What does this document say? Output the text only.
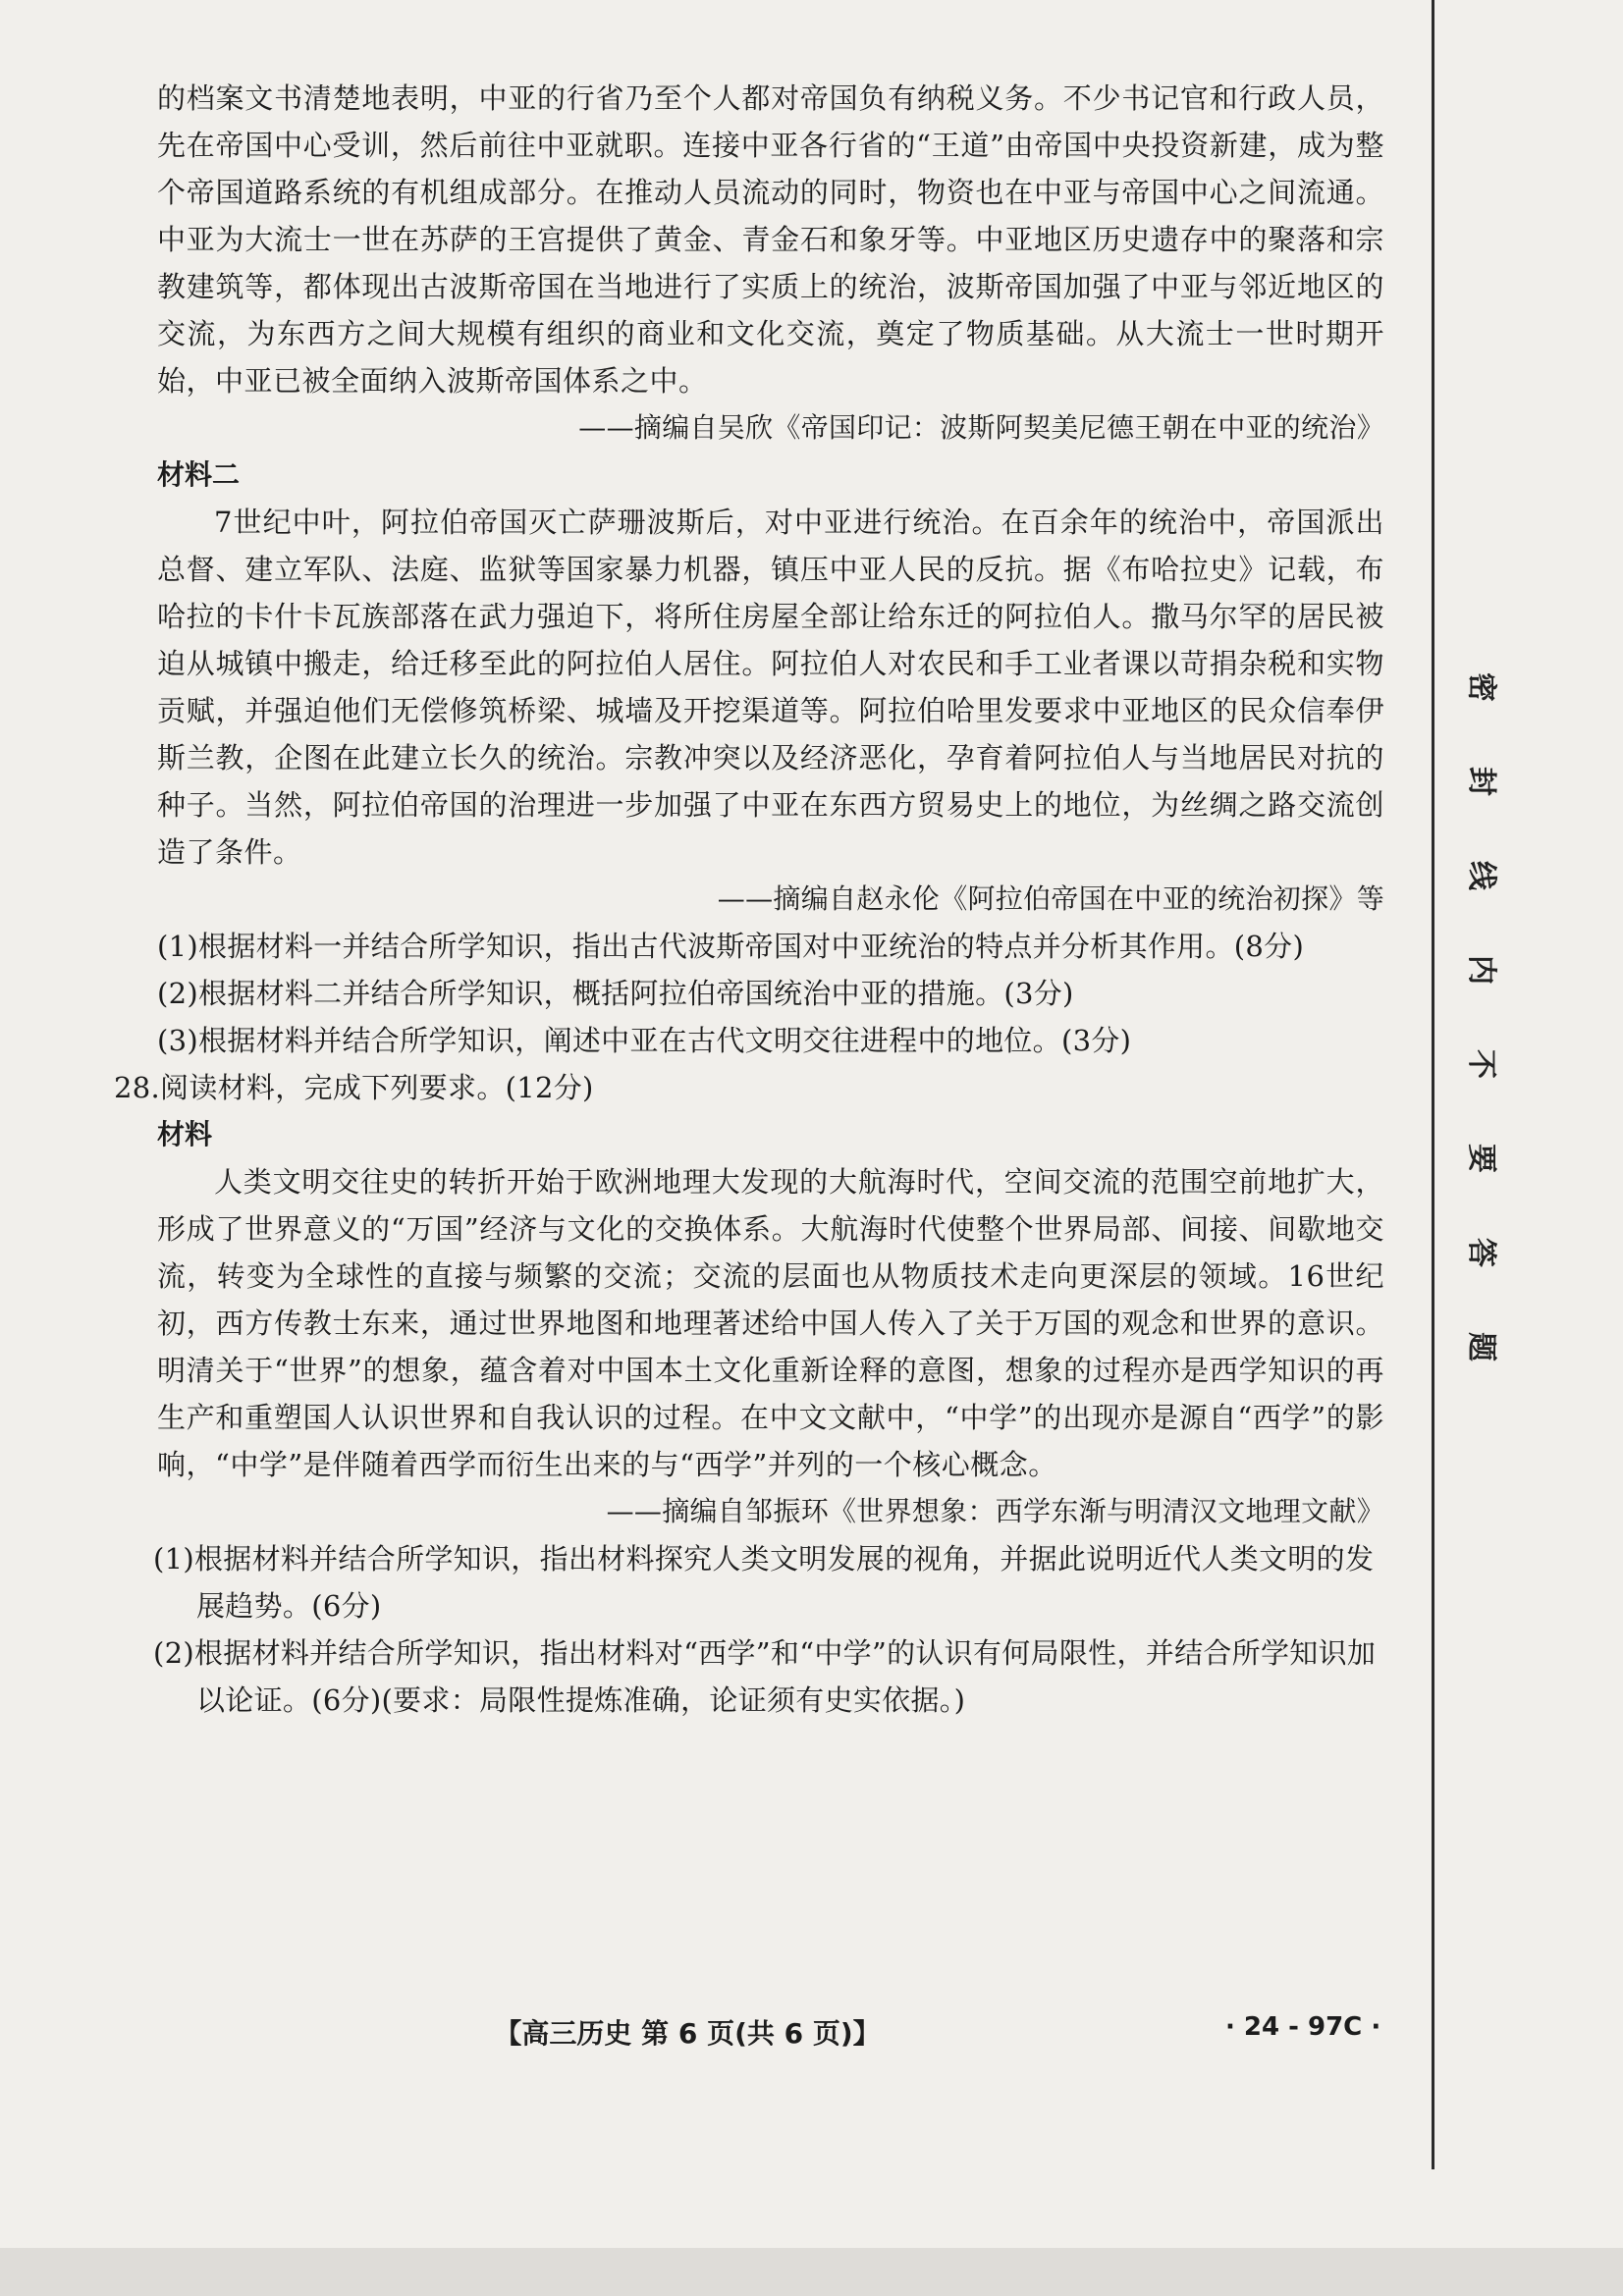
的档案文书清楚地表明，中亚的行省乃至个人都对帝国负有纳税义务。不少书记官和行政人员，先在帝国中心受训，然后前往中亚就职。连接中亚各行省的“王道”由帝国中央投资新建，成为整个帝国道路系统的有机组成部分。在推动人员流动的同时，物资也在中亚与帝国中心之间流通。中亚为大流士一世在苏萨的王宫提供了黄金、青金石和象牙等。中亚地区历史遗存中的聚落和宗教建筑等，都体现出古波斯帝国在当地进行了实质上的统治，波斯帝国加强了中亚与邻近地区的交流，为东西方之间大规模有组织的商业和文化交流，奠定了物质基础。从大流士一世时期开始，中亚已被全面纳入波斯帝国体系之中。

——摘编自吴欣《帝国印记：波斯阿契美尼德王朝在中亚的统治》

材料二

7世纪中叶，阿拉伯帝国灭亡萨珊波斯后，对中亚进行统治。在百余年的统治中，帝国派出总督、建立军队、法庭、监狱等国家暴力机器，镇压中亚人民的反抗。据《布哈拉史》记载，布哈拉的卡什卡瓦族部落在武力强迫下，将所住房屋全部让给东迁的阿拉伯人。撒马尔罕的居民被迫从城镇中搬走，给迁移至此的阿拉伯人居住。阿拉伯人对农民和手工业者课以苛捐杂税和实物贡赋，并强迫他们无偿修筑桥梁、城墙及开挖渠道等。阿拉伯哈里发要求中亚地区的民众信奉伊斯兰教，企图在此建立长久的统治。宗教冲突以及经济恶化，孕育着阿拉伯人与当地居民对抗的种子。当然，阿拉伯帝国的治理进一步加强了中亚在东西方贸易史上的地位，为丝绸之路交流创造了条件。

——摘编自赵永伦《阿拉伯帝国在中亚的统治初探》等

(1)根据材料一并结合所学知识，指出古代波斯帝国对中亚统治的特点并分析其作用。(8分)

(2)根据材料二并结合所学知识，概括阿拉伯帝国统治中亚的措施。(3分)

(3)根据材料并结合所学知识，阐述中亚在古代文明交往进程中的地位。(3分)

28.阅读材料，完成下列要求。(12分)

材料

人类文明交往史的转折开始于欧洲地理大发现的大航海时代，空间交流的范围空前地扩大，形成了世界意义的“万国”经济与文化的交换体系。大航海时代使整个世界局部、间接、间歇地交流，转变为全球性的直接与频繁的交流；交流的层面也从物质技术走向更深层的领域。16世纪初，西方传教士东来，通过世界地图和地理著述给中国人传入了关于万国的观念和世界的意识。明清关于“世界”的想象，蕴含着对中国本土文化重新诠释的意图，想象的过程亦是西学知识的再生产和重塑国人认识世界和自我认识的过程。在中文文献中，“中学”的出现亦是源自“西学”的影响，“中学”是伴随着西学而衍生出来的与“西学”并列的一个核心概念。

——摘编自邹振环《世界想象：西学东渐与明清汉文地理文献》

(1)根据材料并结合所学知识，指出材料探究人类文明发展的视角，并据此说明近代人类文明的发展趋势。(6分)

(2)根据材料并结合所学知识，指出材料对“西学”和“中学”的认识有何局限性，并结合所学知识加以论证。(6分)(要求：局限性提炼准确，论证须有史实依据。)

【高三历史 第 6 页(共 6 页)】	· 24 - 97C ·
密
封
线
内
不
要
答
题
